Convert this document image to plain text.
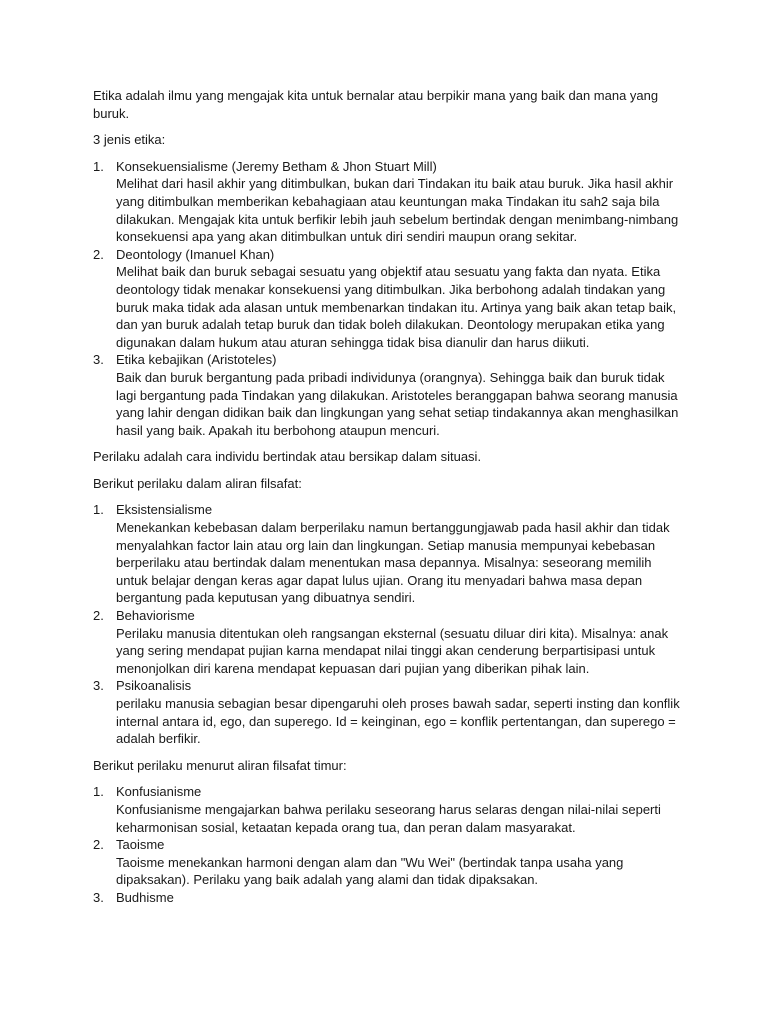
Etika adalah ilmu yang mengajak kita untuk bernalar atau berpikir mana yang baik dan mana yang buruk.

3 jenis etika:

1. Konsekuensialisme (Jeremy Betham & Jhon Stuart Mill)
Melihat dari hasil akhir yang ditimbulkan, bukan dari Tindakan itu baik atau buruk. Jika hasil akhir yang ditimbulkan memberikan kebahagiaan atau keuntungan maka Tindakan itu sah2 saja bila dilakukan. Mengajak kita untuk berfikir lebih jauh sebelum bertindak dengan menimbang-nimbang konsekuensi apa yang akan ditimbulkan untuk diri sendiri maupun orang sekitar.
2. Deontology (Imanuel Khan)
Melihat baik dan buruk sebagai sesuatu yang objektif atau sesuatu yang fakta dan nyata. Etika deontology tidak menakar konsekuensi yang ditimbulkan. Jika berbohong adalah tindakan yang buruk maka tidak ada alasan untuk membenarkan tindakan itu. Artinya yang baik akan tetap baik, dan yan buruk adalah tetap buruk dan tidak boleh dilakukan. Deontology merupakan etika yang digunakan dalam hukum atau aturan sehingga tidak bisa dianulir dan harus diikuti.
3. Etika kebajikan (Aristoteles)
Baik dan buruk bergantung pada pribadi individunya (orangnya). Sehingga baik dan buruk tidak lagi bergantung pada Tindakan yang dilakukan. Aristoteles beranggapan bahwa seorang manusia yang lahir dengan didikan baik dan lingkungan yang sehat setiap tindakannya akan menghasilkan hasil yang baik. Apakah itu berbohong ataupun mencuri.

Perilaku adalah cara individu bertindak atau bersikap dalam situasi.

Berikut perilaku dalam aliran filsafat:

1. Eksistensialisme
Menekankan kebebasan dalam berperilaku namun bertanggungjawab pada hasil akhir dan tidak menyalahkan factor lain atau org lain dan lingkungan. Setiap manusia mempunyai kebebasan berperilaku atau bertindak dalam menentukan masa depannya. Misalnya: seseorang memilih untuk belajar dengan keras agar dapat lulus ujian. Orang itu menyadari bahwa masa depan bergantung pada keputusan yang dibuatnya sendiri.
2. Behaviorisme
Perilaku manusia ditentukan oleh rangsangan eksternal (sesuatu diluar diri kita). Misalnya: anak yang sering mendapat pujian karna mendapat nilai tinggi akan cenderung berpartisipasi untuk menonjolkan diri karena mendapat kepuasan dari pujian yang diberikan pihak lain.
3. Psikoanalisis
perilaku manusia sebagian besar dipengaruhi oleh proses bawah sadar, seperti insting dan konflik internal antara id, ego, dan superego. Id = keinginan, ego = konflik pertentangan, dan superego = adalah berfikir.

Berikut perilaku menurut aliran filsafat timur:

1. Konfusianisme
Konfusianisme mengajarkan bahwa perilaku seseorang harus selaras dengan nilai-nilai seperti keharmonisan sosial, ketaatan kepada orang tua, dan peran dalam masyarakat.
2. Taoisme
Taoisme menekankan harmoni dengan alam dan "Wu Wei" (bertindak tanpa usaha yang dipaksakan). Perilaku yang baik adalah yang alami dan tidak dipaksakan.
3. Budhisme
